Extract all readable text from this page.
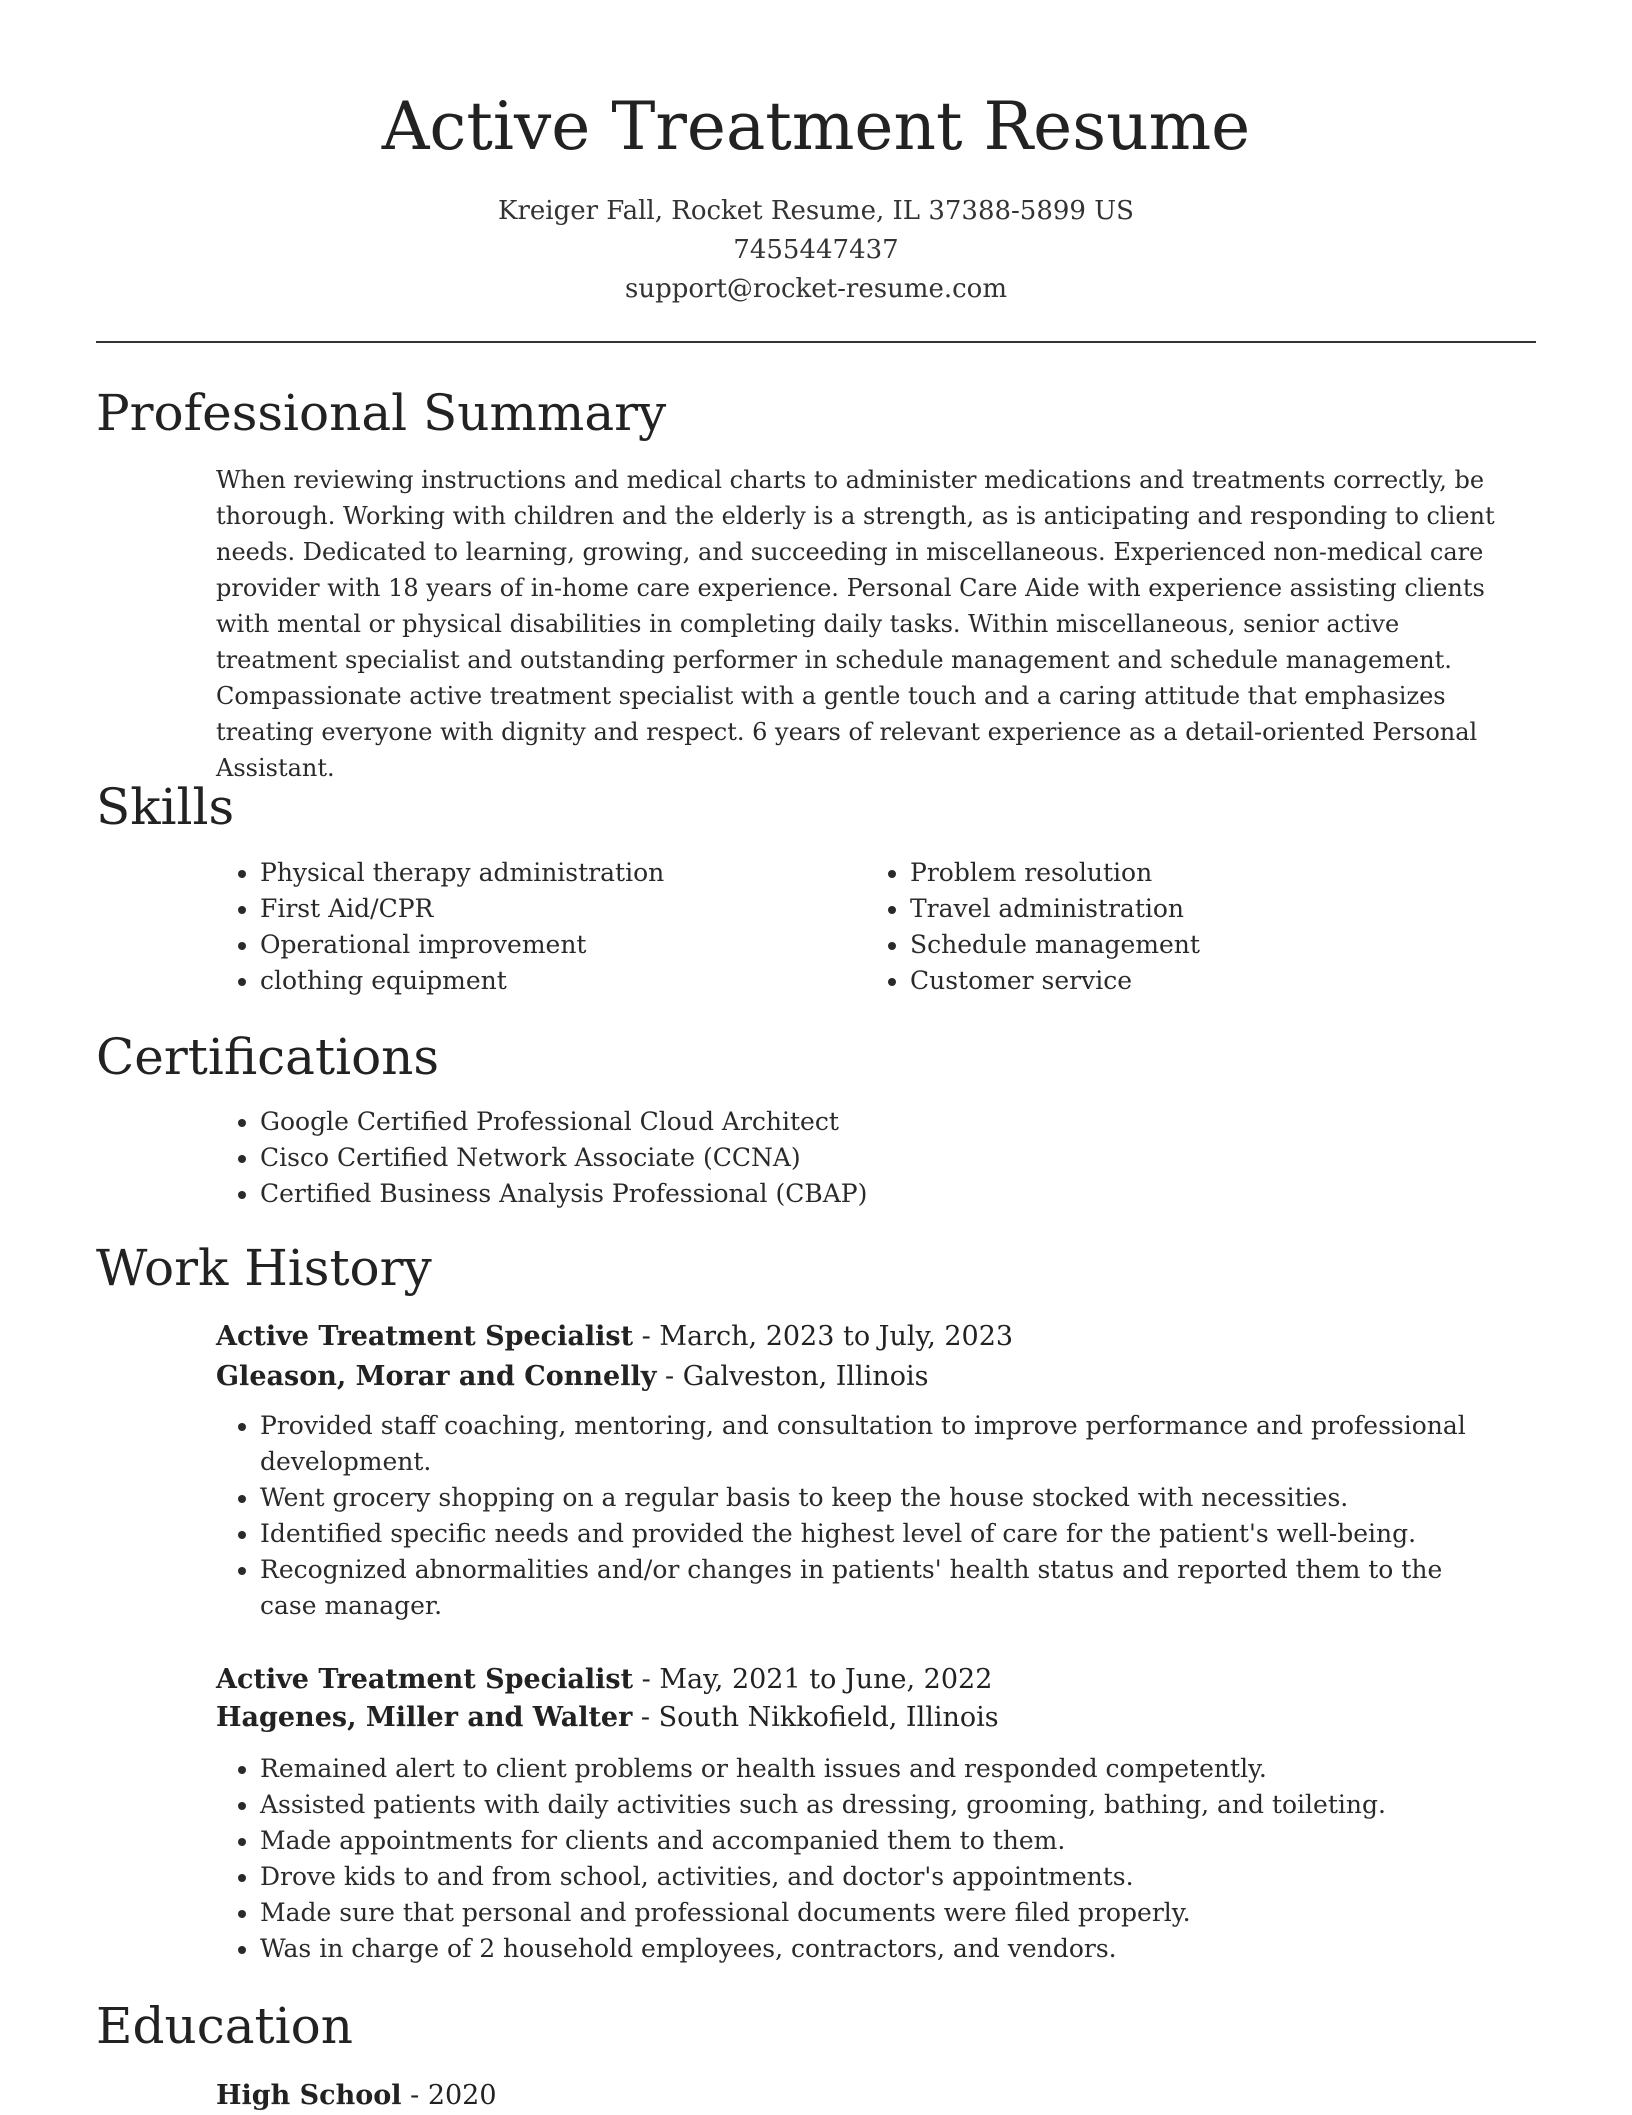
Active Treatment Resume
Kreiger Fall, Rocket Resume, IL 37388-5899 US
7455447437
support@rocket-resume.com
Professional Summary

When reviewing instructions and medical charts to administer medications and treatments correctly, be thorough. Working with children and the elderly is a strength, as is anticipating and responding to client needs. Dedicated to learning, growing, and succeeding in miscellaneous. Experienced non-medical care provider with 18 years of in-home care experience. Personal Care Aide with experience assisting clients with mental or physical disabilities in completing daily tasks. Within miscellaneous, senior active treatment specialist and outstanding performer in schedule management and schedule management. Compassionate active treatment specialist with a gentle touch and a caring attitude that emphasizes treating everyone with dignity and respect. 6 years of relevant experience as a detail-oriented Personal Assistant.

Skills
• Physical therapy administration
• First Aid/CPR
• Operational improvement
• clothing equipment
• Problem resolution
• Travel administration
• Schedule management
• Customer service
Certifications
• Google Certified Professional Cloud Architect
• Cisco Certified Network Associate (CCNA)
• Certified Business Analysis Professional (CBAP)
Work History
Active Treatment Specialist - March, 2023 to July, 2023
Gleason, Morar and Connelly - Galveston, Illinois
• Provided staff coaching, mentoring, and consultation to improve performance and professional development.
• Went grocery shopping on a regular basis to keep the house stocked with necessities.
• Identified specific needs and provided the highest level of care for the patient's well-being.
• Recognized abnormalities and/or changes in patients' health status and reported them to the case manager.
Active Treatment Specialist - May, 2021 to June, 2022
Hagenes, Miller and Walter - South Nikkofield, Illinois
• Remained alert to client problems or health issues and responded competently.
• Assisted patients with daily activities such as dressing, grooming, bathing, and toileting.
• Made appointments for clients and accompanied them to them.
• Drove kids to and from school, activities, and doctor's appointments.
• Made sure that personal and professional documents were filed properly.
• Was in charge of 2 household employees, contractors, and vendors.
Education
High School - 2020
